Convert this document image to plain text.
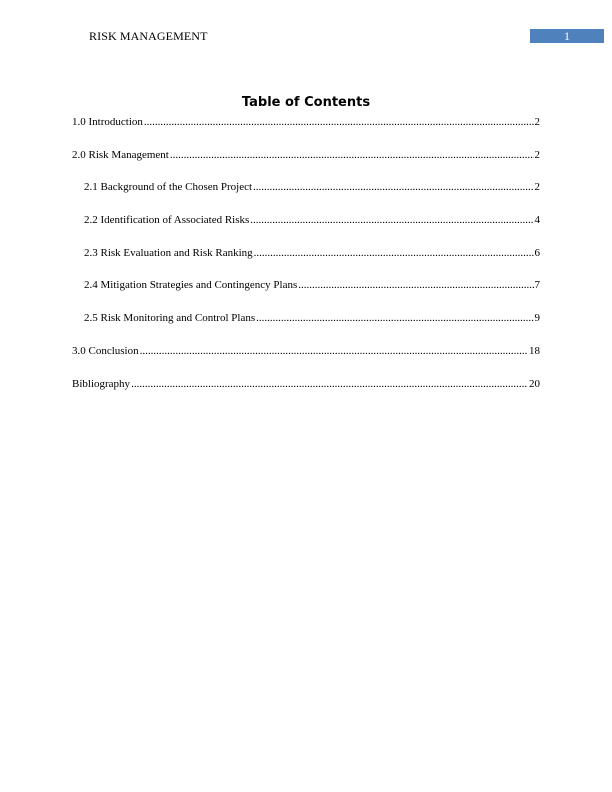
RISK MANAGEMENT	1
Table of Contents
1.0 Introduction .....	2
2.0 Risk Management .....	2
2.1 Background of the Chosen Project .....	2
2.2 Identification of Associated Risks .....	4
2.3 Risk Evaluation and Risk Ranking .....	6
2.4 Mitigation Strategies and Contingency Plans .....	7
2.5 Risk Monitoring and Control Plans .....	9
3.0 Conclusion .....	18
Bibliography .....	20
